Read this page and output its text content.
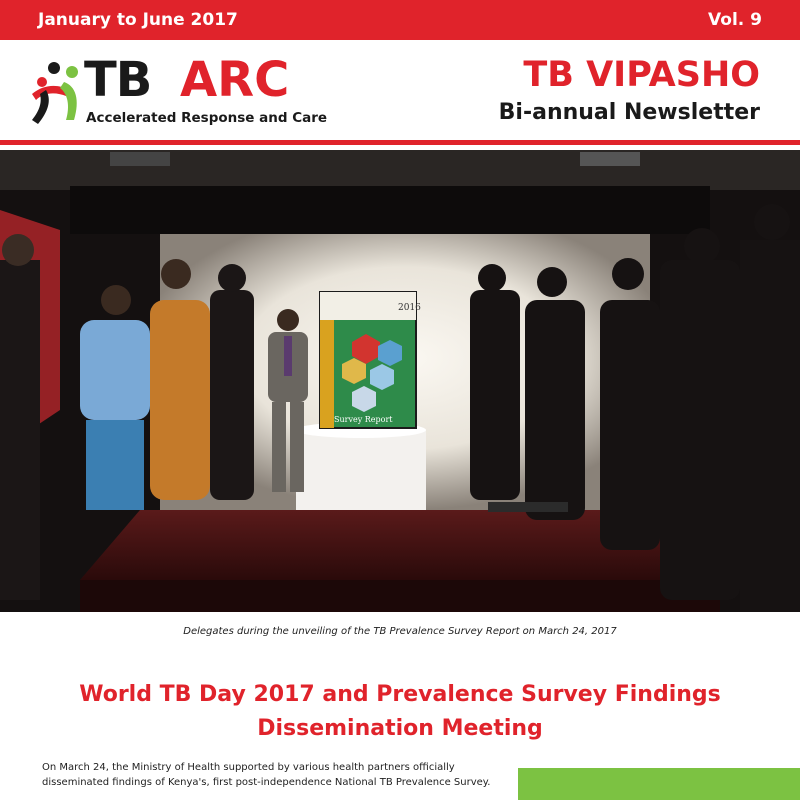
January to June 2017	Vol. 9
TB ARC
Accelerated Response and Care
TB VIPASHO
Bi-annual Newsletter
2016
Survey Report
Delegates during the unveiling of the TB Prevalence Survey Report on March 24, 2017
World TB Day 2017 and Prevalence Survey Findings Dissemination Meeting

On March 24, the Ministry of Health supported by various health partners officially disseminated findings of Kenya's, first post-independence National TB Prevalence Survey.
